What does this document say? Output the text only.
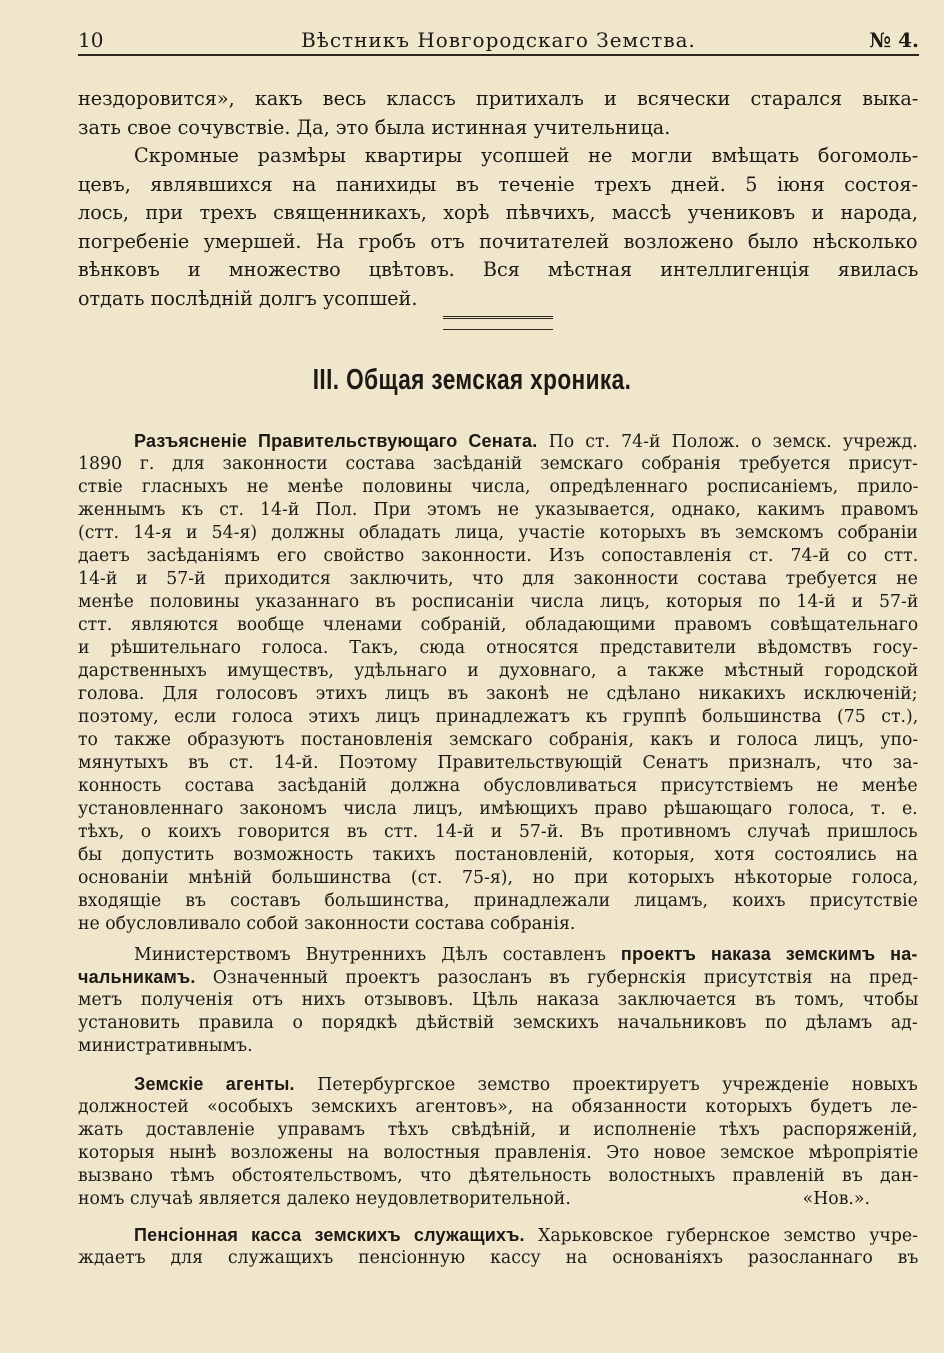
10	Вѣстникъ Новгородскаго Земства.	№ 4.
нездоровится», какъ весь классъ притихалъ и всячески старался выка-
зать свое сочувствіе. Да, это была истинная учительница.
Скромные размѣры квартиры усопшей не могли вмѣщать богомоль-
цевъ, являвшихся на панихиды въ теченіе трехъ дней. 5 іюня состоя-
лось, при трехъ священникахъ, хорѣ пѣвчихъ, массѣ учениковъ и народа,
погребеніе умершей. На гробъ отъ почитателей возложено было нѣсколько
вѣнковъ и множество цвѣтовъ. Вся мѣстная интеллигенція явилась
отдать послѣдній долгъ усопшей.
III. Общая земская хроника.
Разъясненіе Правительствующаго Сената. По ст. 74-й Полож. о земск. учрежд.
1890 г. для законности состава засѣданій земскаго собранія требуется присут-
ствіе гласныхъ не менѣе половины числа, опредѣленнаго росписаніемъ, прило-
женнымъ къ ст. 14-й Пол. При этомъ не указывается, однако, какимъ правомъ
(стт. 14-я и 54-я) должны обладать лица, участіе которыхъ въ земскомъ собраніи
даетъ засѣданіямъ его свойство законности. Изъ сопоставленія ст. 74-й со стт.
14-й и 57-й приходится заключить, что для законности состава требуется не
менѣе половины указаннаго въ росписаніи числа лицъ, которыя по 14-й и 57-й
стт. являются вообще членами собраній, обладающими правомъ совѣщательнаго
и рѣшительнаго голоса. Такъ, сюда относятся представители вѣдомствъ госу-
дарственныхъ имуществъ, удѣльнаго и духовнаго, а также мѣстный городской
голова. Для голосовъ этихъ лицъ въ законѣ не сдѣлано никакихъ исключеній;
поэтому, если голоса этихъ лицъ принадлежатъ къ группѣ большинства (75 ст.),
то также образуютъ постановленія земскаго собранія, какъ и голоса лицъ, упо-
мянутыхъ въ ст. 14-й. Поэтому Правительствующій Сенатъ призналъ, что за-
конность состава засѣданій должна обусловливаться присутствіемъ не менѣе
установленнаго закономъ числа лицъ, имѣющихъ право рѣшающаго голоса, т. е.
тѣхъ, о коихъ говорится въ стт. 14-й и 57-й. Въ противномъ случаѣ пришлось
бы допустить возможность такихъ постановленій, которыя, хотя состоялись на
основаніи мнѣній большинства (ст. 75-я), но при которыхъ нѣкоторые голоса,
входящіе въ составъ большинства, принадлежали лицамъ, коихъ присутствіе
не обусловливало собой законности состава собранія.
Министерствомъ Внутреннихъ Дѣлъ составленъ проектъ наказа земскимъ на-
чальникамъ. Означенный проектъ разосланъ въ губернскія присутствія на пред-
метъ полученія отъ нихъ отзывовъ. Цѣль наказа заключается въ томъ, чтобы
установить правила о порядкѣ дѣйствій земскихъ начальниковъ по дѣламъ ад-
министративнымъ.
Земскіе агенты. Петербургское земство проектируетъ учрежденіе новыхъ
должностей «особыхъ земскихъ агентовъ», на обязанности которыхъ будетъ ле-
жать доставленіе управамъ тѣхъ свѣдѣній, и исполненіе тѣхъ распоряженій,
которыя нынѣ возложены на волостныя правленія. Это новое земское мѣропріятіе
вызвано тѣмъ обстоятельствомъ, что дѣятельность волостныхъ правленій въ дан-
номъ случаѣ является далеко неудовлетворительной.	«Нов.».
Пенсіонная касса земскихъ служащихъ. Харьковское губернское земство учре-
ждаетъ для служащихъ пенсіонную кассу на основаніяхъ разосланнаго въ
